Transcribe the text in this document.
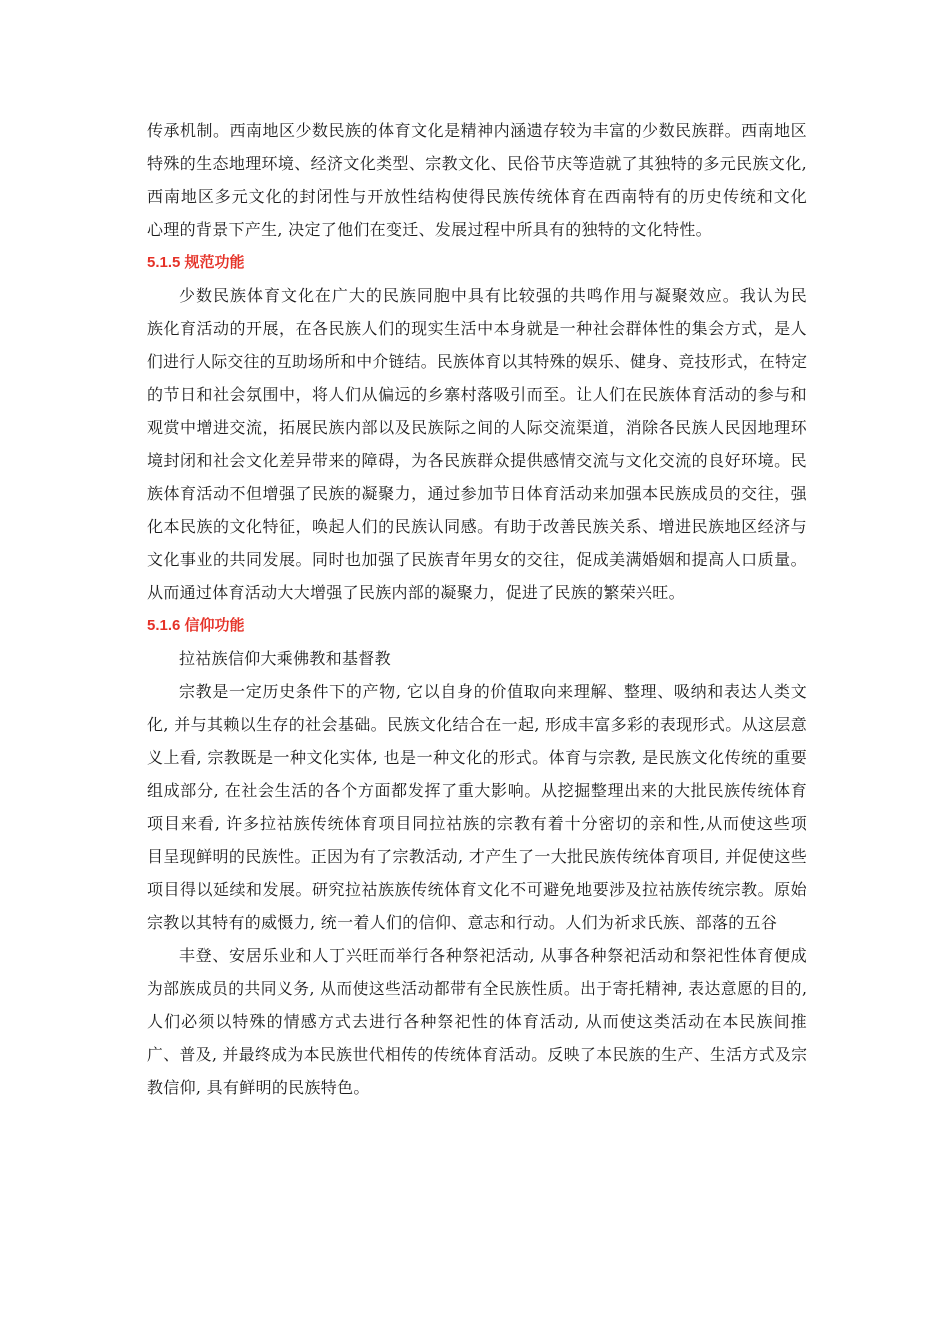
传承机制。西南地区少数民族的体育文化是精神内涵遗存较为丰富的少数民族群。西南地区
特殊的生态地理环境、经济文化类型、宗教文化、民俗节庆等造就了其独特的多元民族文化,
西南地区多元文化的封闭性与开放性结构使得民族传统体育在西南特有的历史传统和文化
心理的背景下产生, 决定了他们在变迁、发展过程中所具有的独特的文化特性。
5.1.5 规范功能
少数民族体育文化在广大的民族同胞中具有比较强的共鸣作用与凝聚效应。我认为民
族化育活动的开展，在各民族人们的现实生活中本身就是一种社会群体性的集会方式，是人
们进行人际交往的互助场所和中介链结。民族体育以其特殊的娱乐、健身、竞技形式，在特定
的节日和社会氛围中，将人们从偏远的乡寨村落吸引而至。让人们在民族体育活动的参与和
观赏中增进交流，拓展民族内部以及民族际之间的人际交流渠道，消除各民族人民因地理环
境封闭和社会文化差异带来的障碍，为各民族群众提供感情交流与文化交流的良好环境。民
族体育活动不但增强了民族的凝聚力，通过参加节日体育活动来加强本民族成员的交往，强
化本民族的文化特征，唤起人们的民族认同感。有助于改善民族关系、增进民族地区经济与
文化事业的共同发展。同时也加强了民族青年男女的交往，促成美满婚姻和提高人口质量。
从而通过体育活动大大增强了民族内部的凝聚力，促进了民族的繁荣兴旺。
5.1.6 信仰功能
拉祜族信仰大乘佛教和基督教
宗教是一定历史条件下的产物, 它以自身的价值取向来理解、整理、吸纳和表达人类文
化, 并与其赖以生存的社会基础。民族文化结合在一起, 形成丰富多彩的表现形式。从这层意
义上看, 宗教既是一种文化实体, 也是一种文化的形式。体育与宗教, 是民族文化传统的重要
组成部分, 在社会生活的各个方面都发挥了重大影响。从挖掘整理出来的大批民族传统体育
项目来看, 许多拉祜族传统体育项目同拉祜族的宗教有着十分密切的亲和性,从而使这些项
目呈现鲜明的民族性。正因为有了宗教活动, 才产生了一大批民族传统体育项目, 并促使这些
项目得以延续和发展。研究拉祜族族传统体育文化不可避免地要涉及拉祜族传统宗教。原始
宗教以其特有的威慑力, 统一着人们的信仰、意志和行动。人们为祈求氏族、部落的五谷
丰登、安居乐业和人丁兴旺而举行各种祭祀活动, 从事各种祭祀活动和祭祀性体育便成
为部族成员的共同义务, 从而使这些活动都带有全民族性质。出于寄托精神, 表达意愿的目的,
人们必须以特殊的情感方式去进行各种祭祀性的体育活动, 从而使这类活动在本民族间推
广、普及, 并最终成为本民族世代相传的传统体育活动。反映了本民族的生产、生活方式及宗
教信仰, 具有鲜明的民族特色。
